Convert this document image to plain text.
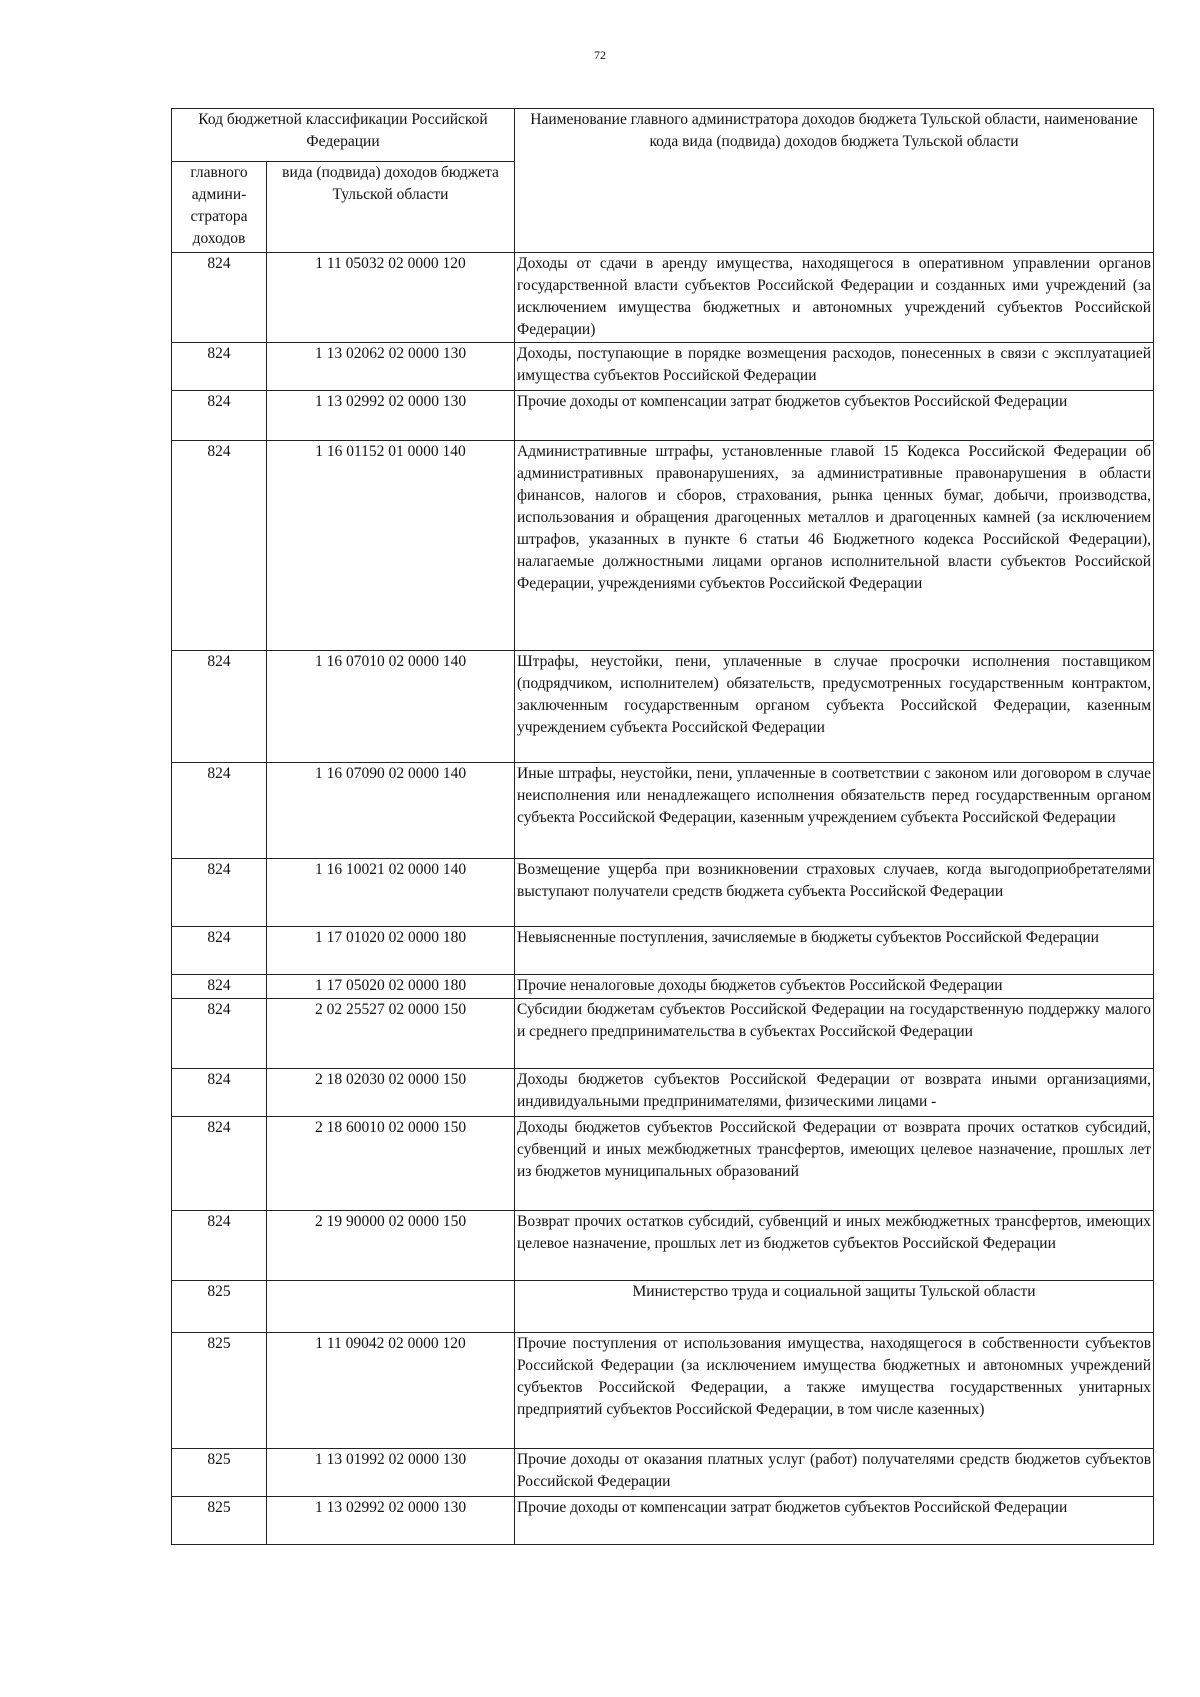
72
Код бюджетной классификации Российской Федерации		Наименование главного администратора доходов бюджета Тульской области, наименование кода вида (подвида) доходов бюджета Тульской области
главного админи-стратора доходов	вида (подвида) доходов бюджета Тульской области	
824	1 11 05032 02 0000 120	Доходы от сдачи в аренду имущества, находящегося в оперативном управлении органов государственной власти субъектов Российской Федерации и созданных ими учреждений (за исключением имущества бюджетных и автономных учреждений субъектов Российской Федерации)
824	1 13 02062 02 0000 130	Доходы, поступающие в порядке возмещения расходов, понесенных в связи с эксплуатацией имущества субъектов Российской Федерации
824	1 13 02992 02 0000 130	Прочие доходы от компенсации затрат бюджетов субъектов Российской Федерации
824	1 16 01152 01 0000 140	Административные штрафы, установленные главой 15 Кодекса Российской Федерации об административных правонарушениях, за административные правонарушения в области финансов, налогов и сборов, страхования, рынка ценных бумаг, добычи, производства, использования и обращения драгоценных металлов и драгоценных камней (за исключением штрафов, указанных в пункте 6 статьи 46 Бюджетного кодекса Российской Федерации), налагаемые должностными лицами органов исполнительной власти субъектов Российской Федерации, учреждениями субъектов Российской Федерации
824	1 16 07010 02 0000 140	Штрафы, неустойки, пени, уплаченные в случае просрочки исполнения поставщиком (подрядчиком, исполнителем) обязательств, предусмотренных государственным контрактом, заключенным государственным органом субъекта Российской Федерации, казенным учреждением субъекта Российской Федерации
824	1 16 07090 02 0000 140	Иные штрафы, неустойки, пени, уплаченные в соответствии с законом или договором в случае неисполнения или ненадлежащего исполнения обязательств перед государственным органом субъекта Российской Федерации, казенным учреждением субъекта Российской Федерации
824	1 16 10021 02 0000 140	Возмещение ущерба при возникновении страховых случаев, когда выгодоприобретателями выступают получатели средств бюджета субъекта Российской Федерации
824	1 17 01020 02 0000 180	Невыясненные поступления, зачисляемые в бюджеты субъектов Российской Федерации
824	1 17 05020 02 0000 180	Прочие неналоговые доходы бюджетов субъектов Российской Федерации
824	2 02 25527 02 0000 150	Субсидии бюджетам субъектов Российской Федерации на государственную поддержку малого и среднего предпринимательства в субъектах Российской Федерации
824	2 18 02030 02 0000 150	Доходы бюджетов субъектов Российской Федерации от возврата иными организациями, индивидуальными предпринимателями, физическими лицами -
824	2 18 60010 02 0000 150	Доходы бюджетов субъектов Российской Федерации от возврата прочих остатков субсидий, субвенций и иных межбюджетных трансфертов, имеющих целевое назначение, прошлых лет из бюджетов муниципальных образований
824	2 19 90000 02 0000 150	Возврат прочих остатков субсидий, субвенций и иных межбюджетных трансфертов, имеющих целевое назначение, прошлых лет из бюджетов субъектов Российской Федерации
825		Министерство труда и социальной защиты Тульской области
825	1 11 09042 02 0000 120	Прочие поступления от использования имущества, находящегося в собственности субъектов Российской Федерации (за исключением имущества бюджетных и автономных учреждений субъектов Российской Федерации, а также имущества государственных унитарных предприятий субъектов Российской Федерации, в том числе казенных)
825	1 13 01992 02 0000 130	Прочие доходы от оказания платных услуг (работ) получателями средств бюджетов субъектов Российской Федерации
825	1 13 02992 02 0000 130	Прочие доходы от компенсации затрат бюджетов субъектов Российской Федерации
